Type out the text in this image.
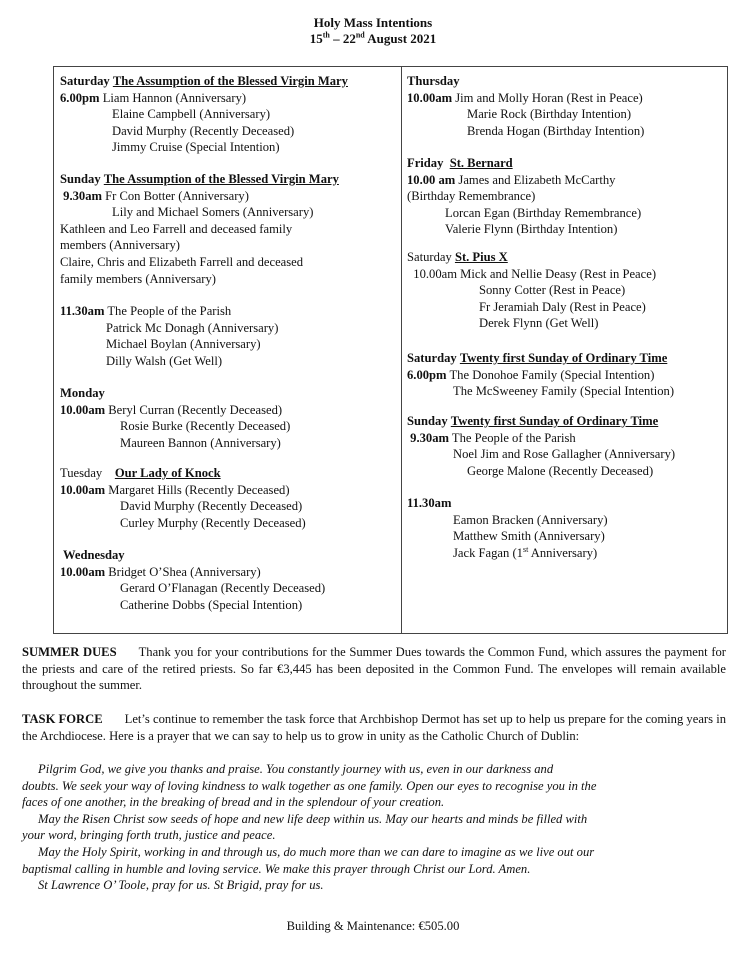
Holy Mass Intentions
15th – 22nd August 2021
Saturday The Assumption of the Blessed Virgin Mary
6.00pm Liam Hannon (Anniversary)
Elaine Campbell (Anniversary)
David Murphy (Recently Deceased)
Jimmy Cruise (Special Intention)
Sunday The Assumption of the Blessed Virgin Mary
9.30am Fr Con Botter (Anniversary)
Lily and Michael Somers (Anniversary)
Kathleen and Leo Farrell and deceased family
members (Anniversary)
Claire, Chris and Elizabeth Farrell and deceased
family members (Anniversary)
11.30am The People of the Parish
Patrick Mc Donagh (Anniversary)
Michael Boylan (Anniversary)
Dilly Walsh (Get Well)
Monday
10.00am Beryl Curran (Recently Deceased)
Rosie Burke (Recently Deceased)
Maureen Bannon (Anniversary)
Tuesday Our Lady of Knock
10.00am Margaret Hills (Recently Deceased)
David Murphy (Recently Deceased)
Curley Murphy (Recently Deceased)
Wednesday
10.00am Bridget O’Shea (Anniversary)
Gerard O’Flanagan (Recently Deceased)
Catherine Dobbs (Special Intention)
Thursday
10.00am Jim and Molly Horan (Rest in Peace)
Marie Rock (Birthday Intention)
Brenda Hogan (Birthday Intention)
Friday St. Bernard
10.00 am James and Elizabeth McCarthy
(Birthday Remembrance)
Lorcan Egan (Birthday Remembrance)
Valerie Flynn (Birthday Intention)
Saturday St. Pius X
10.00am Mick and Nellie Deasy (Rest in Peace)
Sonny Cotter (Rest in Peace)
Fr Jeramiah Daly (Rest in Peace)
Derek Flynn (Get Well)
Saturday Twenty first Sunday of Ordinary Time
6.00pm The Donohoe Family (Special Intention)
The McSweeney Family (Special Intention)
Sunday Twenty first Sunday of Ordinary Time
9.30am The People of the Parish
Noel Jim and Rose Gallagher (Anniversary)
George Malone (Recently Deceased)
11.30am
Eamon Bracken (Anniversary)
Matthew Smith (Anniversary)
Jack Fagan (1st Anniversary)
SUMMER DUES Thank you for your contributions for the Summer Dues towards the Common Fund, which assures the payment for the priests and care of the retired priests. So far €3,445 has been deposited in the Common Fund. The envelopes will remain available throughout the summer.
TASK FORCE Let’s continue to remember the task force that Archbishop Dermot has set up to help us prepare for the coming years in the Archdiocese. Here is a prayer that we can say to help us to grow in unity as the Catholic Church of Dublin:
Pilgrim God, we give you thanks and praise. You constantly journey with us, even in our darkness and
doubts. We seek your way of loving kindness to walk together as one family. Open our eyes to recognise you in the
faces of one another, in the breaking of bread and in the splendour of your creation.
May the Risen Christ sow seeds of hope and new life deep within us. May our hearts and minds be filled with
your word, bringing forth truth, justice and peace.
May the Holy Spirit, working in and through us, do much more than we can dare to imagine as we live out our
baptismal calling in humble and loving service. We make this prayer through Christ our Lord. Amen.
St Lawrence O’ Toole, pray for us. St Brigid, pray for us.
Building & Maintenance: €505.00
